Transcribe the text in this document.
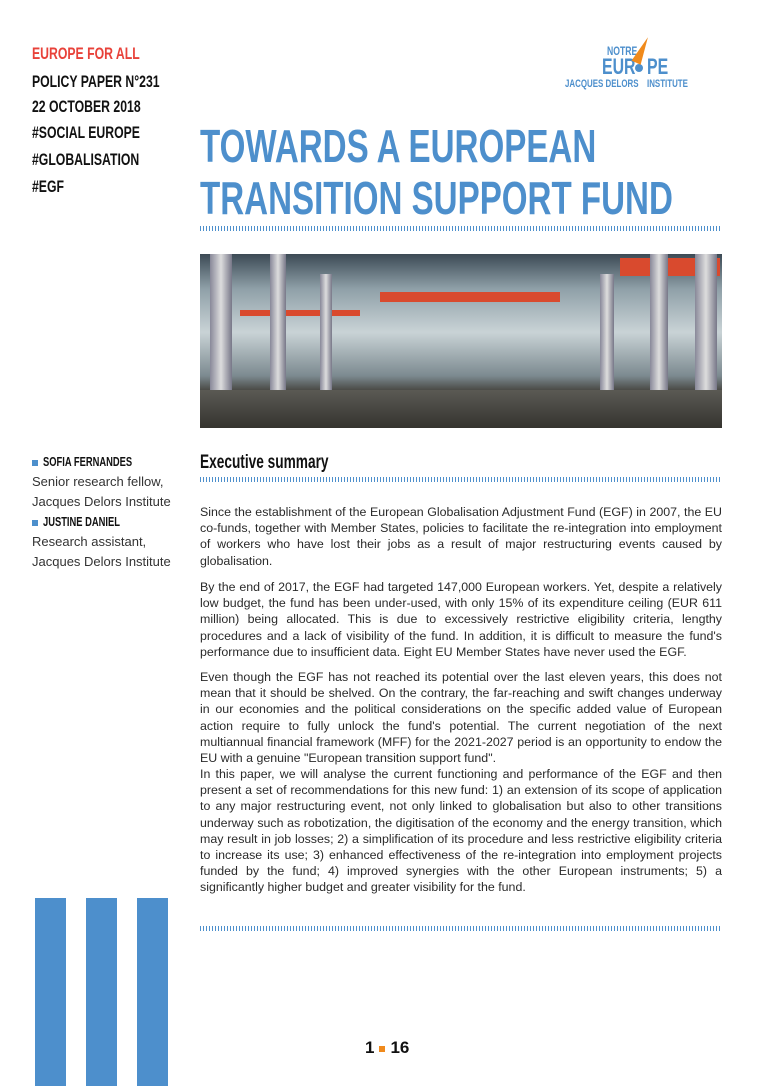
EUROPE FOR ALL
POLICY PAPER N°231
22 OCTOBER 2018
#SOCIAL EUROPE
#GLOBALISATION
#EGF
NOTRE
EUR PE
JACQUES DELORS INSTITUTE
TOWARDS A EUROPEAN
TRANSITION SUPPORT FUND
SOFIA FERNANDES
Senior research fellow,
Jacques Delors Institute
JUSTINE DANIEL
Research assistant,
Jacques Delors Institute
Executive summary

Since the establishment of the European Globalisation Adjustment Fund (EGF) in 2007, the EU co-funds, together with Member States, policies to facilitate the re-integration into employment of workers who have lost their jobs as a result of major restructuring events caused by globalisation.

By the end of 2017, the EGF had targeted 147,000 European workers. Yet, despite a relatively low budget, the fund has been under-used, with only 15% of its expenditure ceiling (EUR 611 million) being allocated. This is due to excessively restrictive eligibility criteria, lengthy procedures and a lack of visibility of the fund. In addition, it is difficult to measure the fund's performance due to insufficient data. Eight EU Member States have never used the EGF.

Even though the EGF has not reached its potential over the last eleven years, this does not mean that it should be shelved. On the contrary, the far-reaching and swift changes underway in our economies and the political considerations on the specific added value of European action require to fully unlock the fund's potential. The current negotiation of the next multiannual financial framework (MFF) for the 2021-2027 period is an opportunity to endow the EU with a genuine "European transition support fund".

In this paper, we will analyse the current functioning and performance of the EGF and then present a set of recommendations for this new fund: 1) an extension of its scope of application to any major restructuring event, not only linked to globalisation but also to other transitions underway such as robotization, the digitisation of the economy and the energy transition, which may result in job losses; 2) a simplification of its procedure and less restrictive eligibility criteria to increase its use; 3) enhanced effectiveness of the re-integration into employment projects funded by the fund; 4) improved synergies with the other European instruments; 5) a significantly higher budget and greater visibility for the fund.

1 16
